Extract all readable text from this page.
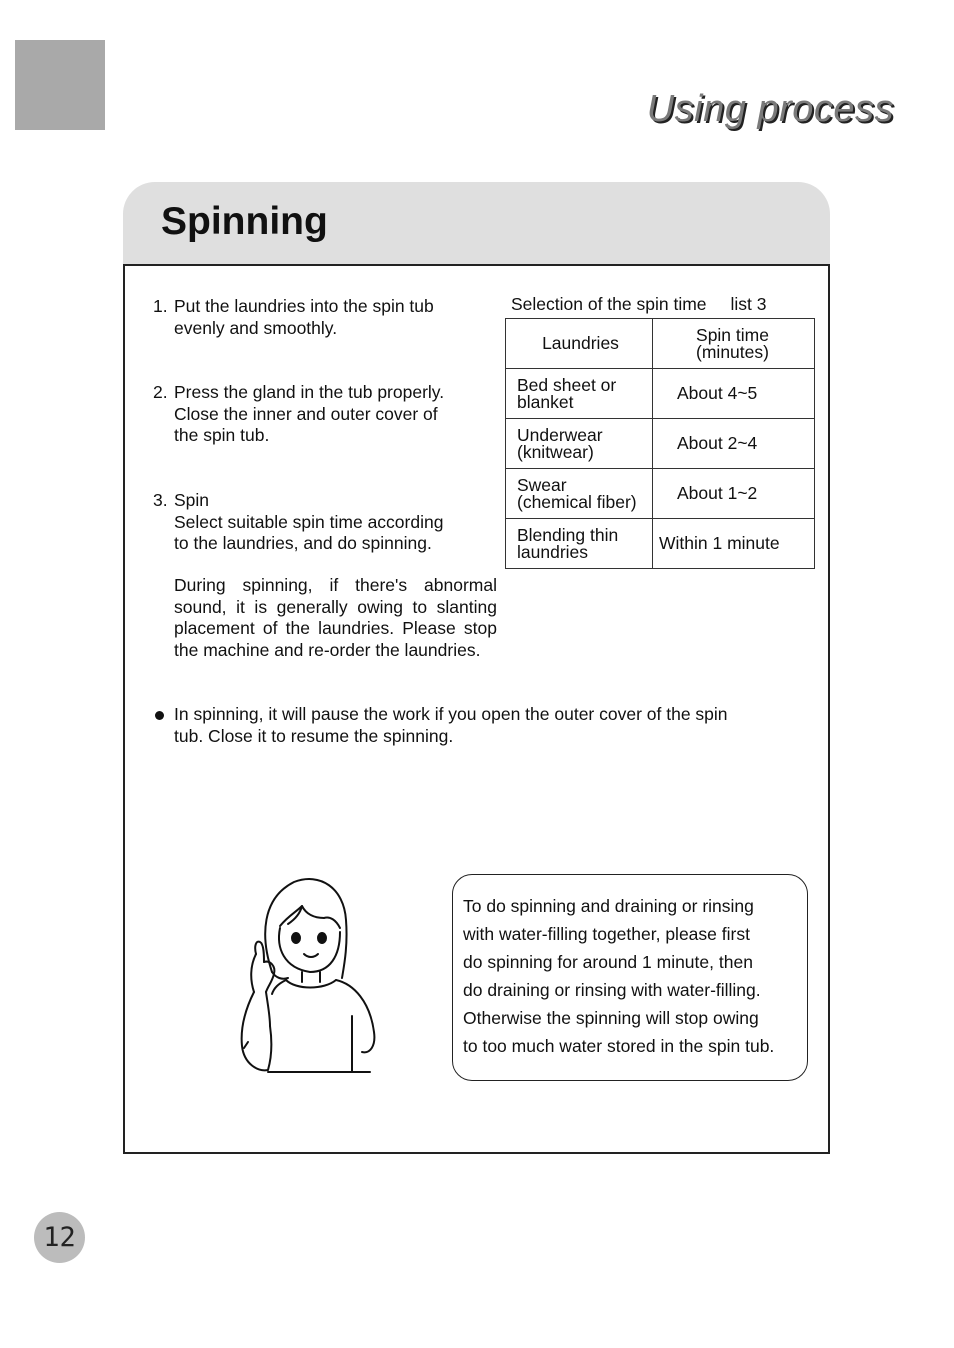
Using process
Spinning
1. Put the laundries into the spin tub
evenly and smoothly.
2. Press the gland in the tub properly.
Close the inner and outer cover of
the spin tub.
3. Spin
Select suitable spin time according
to the laundries, and do spinning.
During spinning, if there's abnormal sound, it is generally owing to slanting placement of the laundries. Please stop the machine and re-order the laundries.
In spinning, it will pause the work if you open the outer cover of the spin
tub. Close it to resume the spinning.
Selection of the spin time list 3
Laundries	Spin time
(minutes)

Bed sheet or
blanket	About 4~5

Underwear
(knitwear)	About 2~4

Swear
(chemical fiber)	About 1~2

Blending thin
laundries	Within 1 minute
To do spinning and draining or rinsing
with water-filling together, please first
do spinning for around 1 minute, then
do draining or rinsing with water-filling.
Otherwise the spinning will stop owing
to too much water stored in the spin tub.
12
